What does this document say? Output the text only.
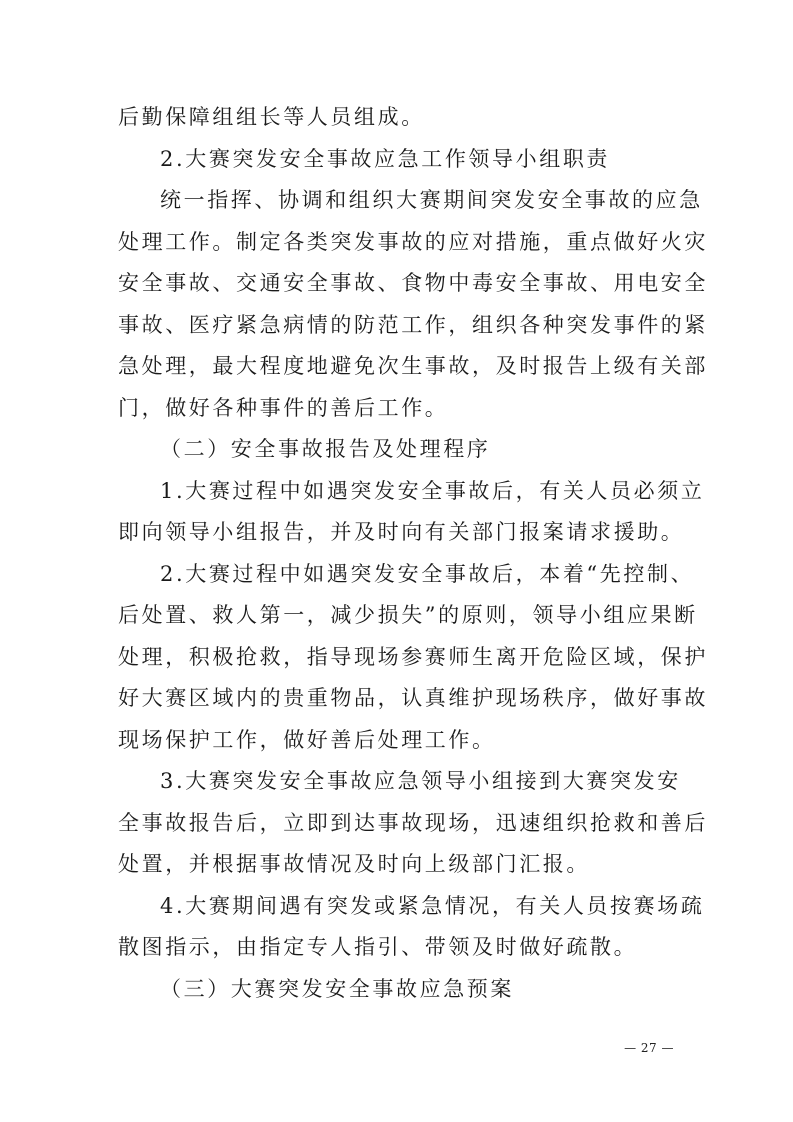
后勤保障组组长等人员组成。
2.大赛突发安全事故应急工作领导小组职责
统一指挥、协调和组织大赛期间突发安全事故的应急
处理工作。制定各类突发事故的应对措施，重点做好火灾
安全事故、交通安全事故、食物中毒安全事故、用电安全
事故、医疗紧急病情的防范工作，组织各种突发事件的紧
急处理，最大程度地避免次生事故，及时报告上级有关部
门，做好各种事件的善后工作。
（二）安全事故报告及处理程序
1.大赛过程中如遇突发安全事故后，有关人员必须立
即向领导小组报告，并及时向有关部门报案请求援助。
2.大赛过程中如遇突发安全事故后，本着“先控制、
后处置、救人第一，减少损失”的原则，领导小组应果断
处理，积极抢救，指导现场参赛师生离开危险区域，保护
好大赛区域内的贵重物品，认真维护现场秩序，做好事故
现场保护工作，做好善后处理工作。
3.大赛突发安全事故应急领导小组接到大赛突发安
全事故报告后，立即到达事故现场，迅速组织抢救和善后
处置，并根据事故情况及时向上级部门汇报。
4.大赛期间遇有突发或紧急情况，有关人员按赛场疏
散图指示，由指定专人指引、带领及时做好疏散。
（三）大赛突发安全事故应急预案
— 27 —
